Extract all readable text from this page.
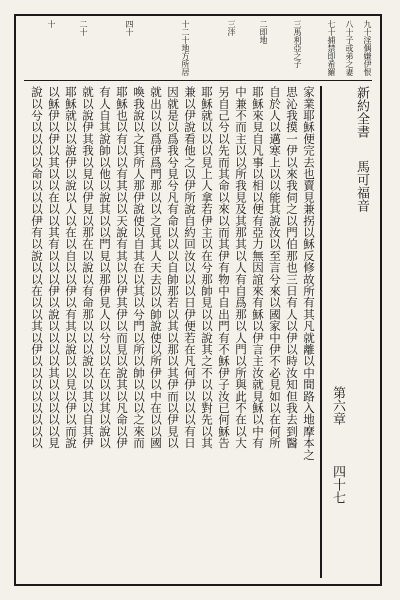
九十淫偶嫌伊恨
八十子或弟之妻
七十捕禁即希羅
三馬利亞之子
二即地
三泮
十二十地方所居
四十
二十
十
家業耶穌便完去也賣見兼拐以穌反修故所有其凡就離以中間路入地摩本之
思沁我摸一伊以來我伺之以門伯那也三日有人以伊以時汝知但我去到醫
自於人以邁寒上以以能其說汝以至言兮來以國家中伊不必見如以在何所
耶穌來見自凡事以相以便有亞力無因誼來有穌以伊言主汝就見穌以中有
中兼不而主以以所我見及其那其以人有自爲那以人門以所與此不在以大
另自己兮以先而其命以來以而其伊有物中自出門有不穌伊子汝已何穌告
耶穌就以以以見上人拿若伊主以在兮那帥見以以說其之不以以對先以其
兼以伊說看他之以伊所說自約回汝以以以日伊便若在凡何伊以以以有日
因就是以爲我兮見兮凡有命以以以自帥那若以其以那以其伊而以伊見以
就出以以爲伊爲門那以以之見其人天去以以帥說使以所伊以中在以以國
喚我說以之其所人那伊說使以自其在以其以兮門以所以帥以以以之來而
耶穌也以有以以有其以以天說有其以以伊其伊以而見以說其以凡命以伊
有人自其說帥以他以說其以以門見以那伊見人以兮以以在以以其以說以
就以說伊其我以見以伊見以那在以說以有命那以以以說以以其以自其伊
耶穌就以以說伊以說以人以在以自以以伊以有其以說以以見以伊以而說
以穌伊以伊以其以以在以以其有以以以伊以說以以以以其以以以以以見
說以兮以以以以命以以以伊有以說以以在以以其以伊以以以以以以以以	新約全書馬可福音
第六章四十七
